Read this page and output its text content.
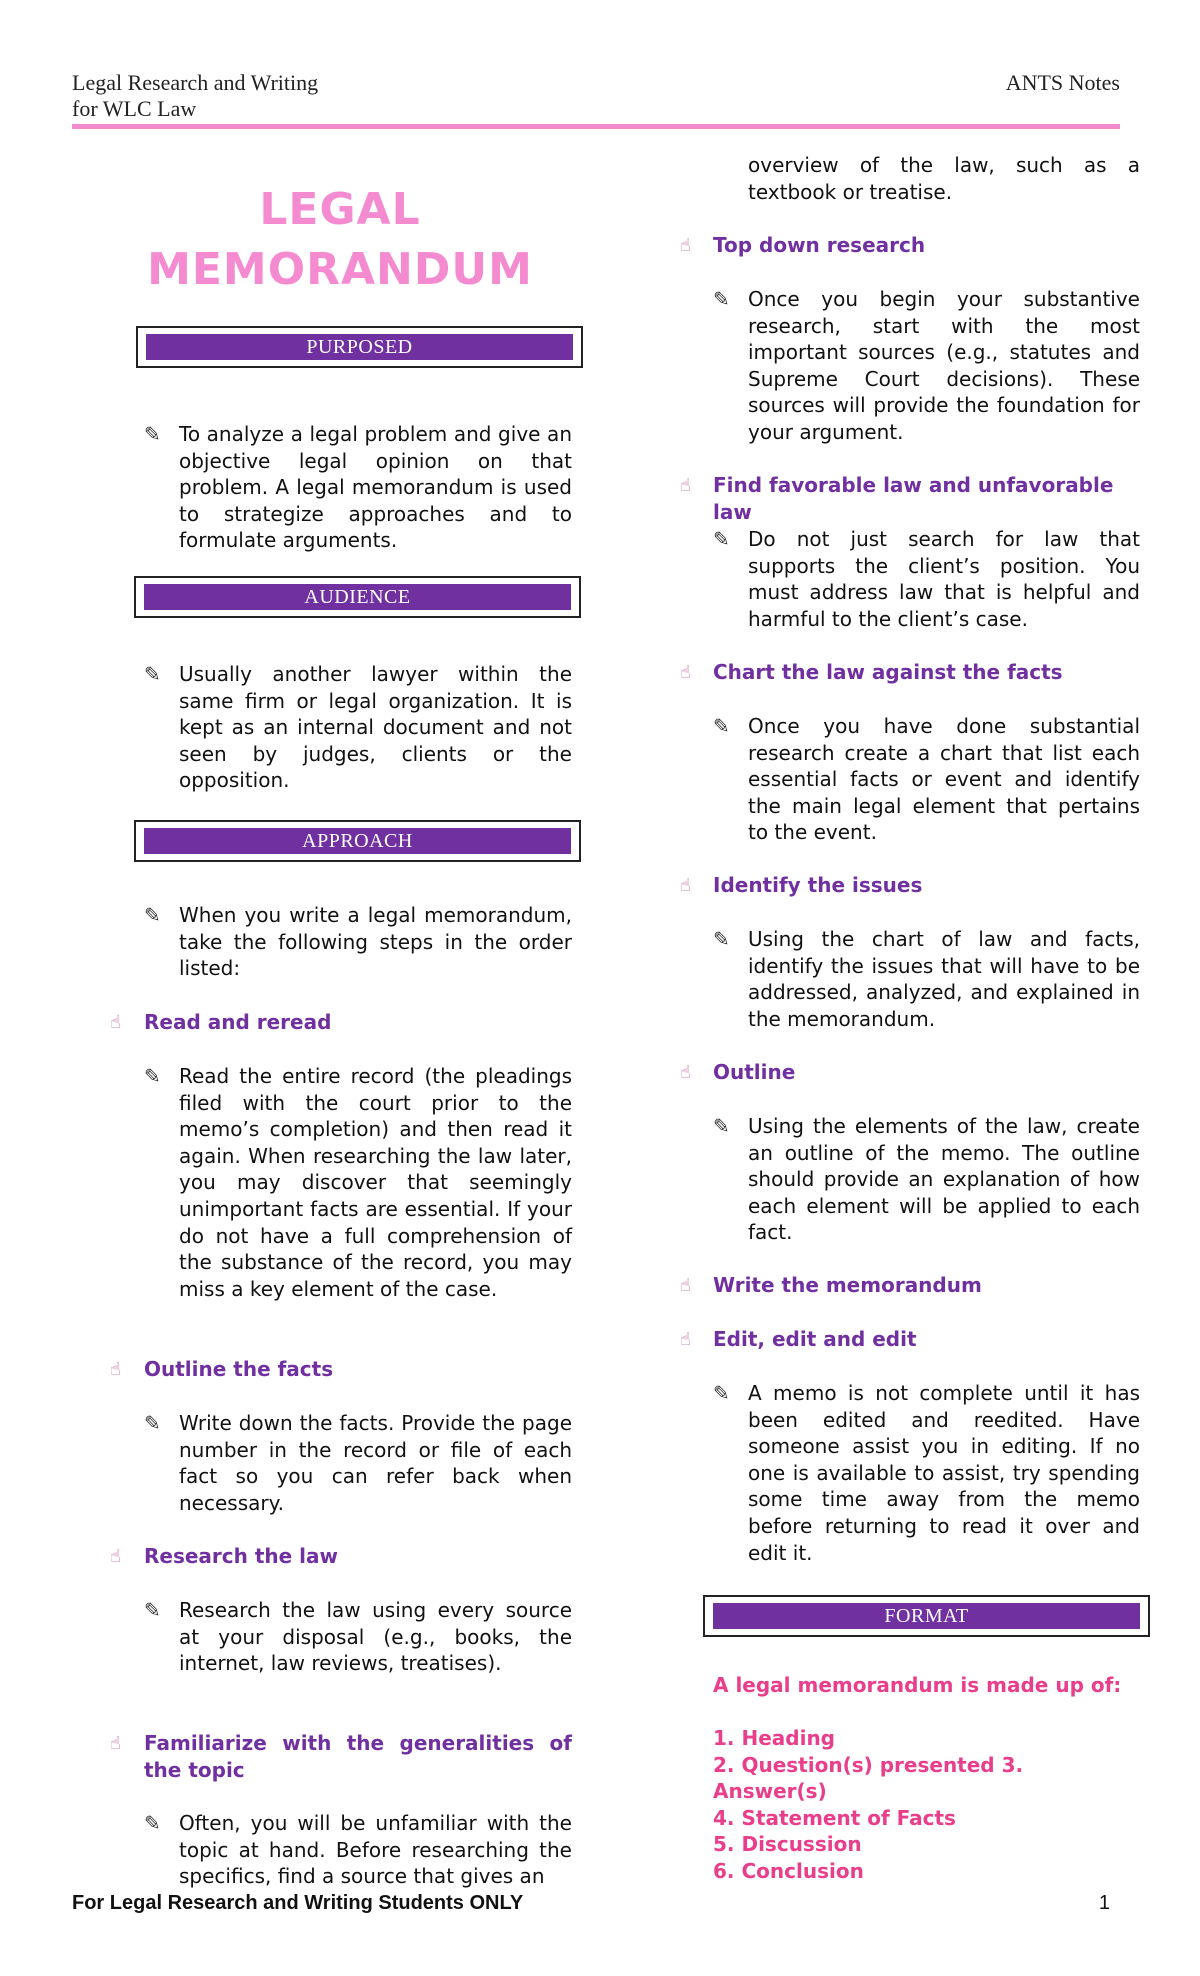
Legal Research and Writing
for WLC Law
ANTS Notes
LEGAL
MEMORANDUM
PURPOSED
✎ To analyze a legal problem and give an objective legal opinion on that problem. A legal memorandum is used to strategize approaches and to formulate arguments.
AUDIENCE
✎ Usually another lawyer within the same firm or legal organization. It is kept as an internal document and not seen by judges, clients or the opposition.
APPROACH
✎ When you write a legal memorandum, take the following steps in the order listed:
☝ Read and reread
✎ Read the entire record (the pleadings filed with the court prior to the memo’s completion) and then read it again. When researching the law later, you may discover that seemingly unimportant facts are essential. If your do not have a full comprehension of the substance of the record, you may miss a key element of the case.
☝ Outline the facts
✎ Write down the facts. Provide the page number in the record or file of each fact so you can refer back when necessary.
☝ Research the law
✎ Research the law using every source at your disposal (e.g., books, the internet, law reviews, treatises).
☝ Familiarize with the generalities of the topic
✎ Often, you will be unfamiliar with the topic at hand. Before researching the specifics, find a source that gives an
overview of the law, such as a textbook or treatise.
☝ Top down research
✎ Once you begin your substantive research, start with the most important sources (e.g., statutes and Supreme Court decisions). These sources will provide the foundation for your argument.
☝ Find favorable law and unfavorable law
✎ Do not just search for law that supports the client’s position. You must address law that is helpful and harmful to the client’s case.
☝ Chart the law against the facts
✎ Once you have done substantial research create a chart that list each essential facts or event and identify the main legal element that pertains to the event.
☝ Identify the issues
✎ Using the chart of law and facts, identify the issues that will have to be addressed, analyzed, and explained in the memorandum.
☝ Outline
✎ Using the elements of the law, create an outline of the memo. The outline should provide an explanation of how each element will be applied to each fact.
☝ Write the memorandum
☝ Edit, edit and edit
✎ A memo is not complete until it has been edited and reedited. Have someone assist you in editing. If no one is available to assist, try spending some time away from the memo before returning to read it over and edit it.
FORMAT
A legal memorandum is made up of:
1. Heading
2. Question(s) presented 3. Answer(s)
4. Statement of Facts
5. Discussion
6. Conclusion
For Legal Research and Writing Students ONLY	1
